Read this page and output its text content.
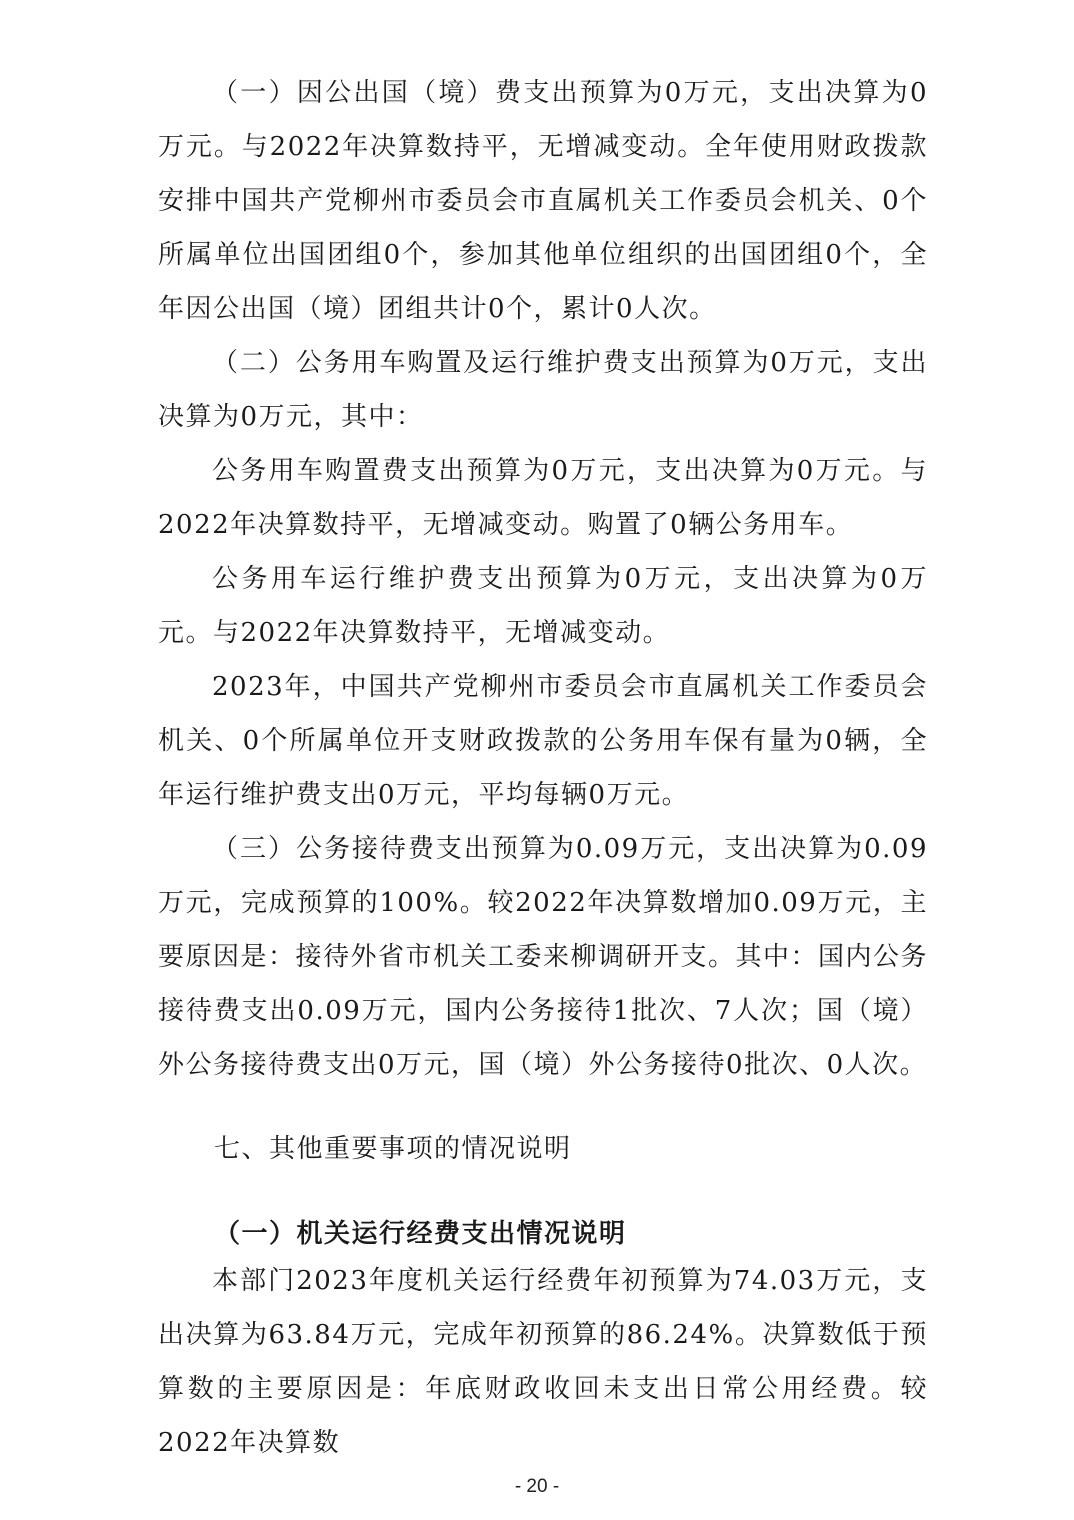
（一）因公出国（境）费支出预算为0万元，支出决算为0万元。与2022年决算数持平，无增减变动。全年使用财政拨款安排中国共产党柳州市委员会市直属机关工作委员会机关、0个所属单位出国团组0个，参加其他单位组织的出国团组0个，全年因公出国（境）团组共计0个，累计0人次。

（二）公务用车购置及运行维护费支出预算为0万元，支出决算为0万元，其中：

公务用车购置费支出预算为0万元，支出决算为0万元。与2022年决算数持平，无增减变动。购置了0辆公务用车。

公务用车运行维护费支出预算为0万元，支出决算为0万元。与2022年决算数持平，无增减变动。

2023年，中国共产党柳州市委员会市直属机关工作委员会机关、0个所属单位开支财政拨款的公务用车保有量为0辆，全年运行维护费支出0万元，平均每辆0万元。

（三）公务接待费支出预算为0.09万元，支出决算为0.09万元，完成预算的100%。较2022年决算数增加0.09万元，主要原因是：接待外省市机关工委来柳调研开支。其中：国内公务接待费支出0.09万元，国内公务接待1批次、7人次；国（境）外公务接待费支出0万元，国（境）外公务接待0批次、0人次。

七、其他重要事项的情况说明
（一）机关运行经费支出情况说明

本部门2023年度机关运行经费年初预算为74.03万元，支出决算为63.84万元，完成年初预算的86.24%。决算数低于预算数的主要原因是：年底财政收回未支出日常公用经费。较2022年决算数

- 20 -
